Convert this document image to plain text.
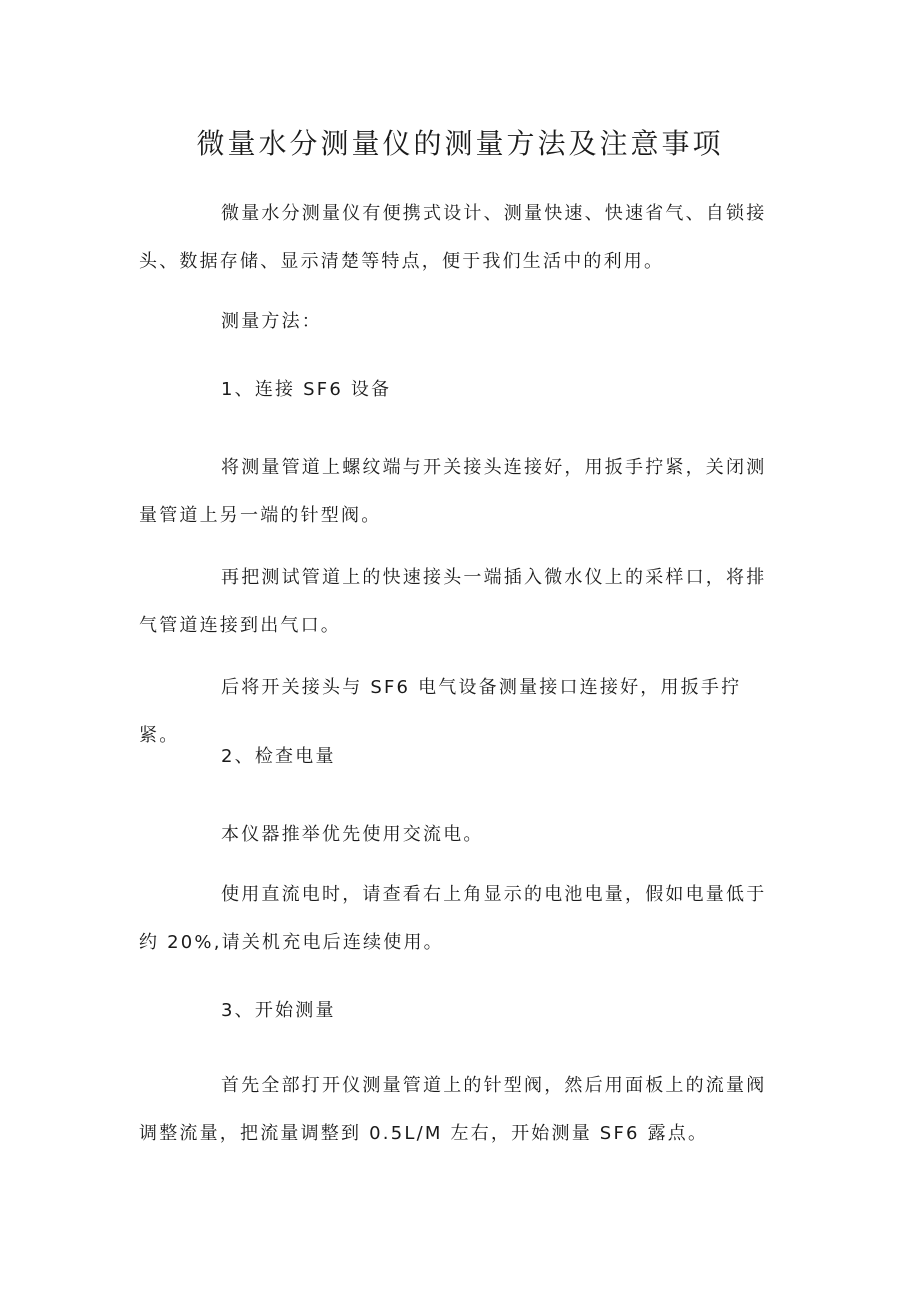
微量水分测量仪的测量方法及注意事项

微量水分测量仪有便携式设计、测量快速、快速省气、自锁接头、数据存储、显示清楚等特点，便于我们生活中的利用。

测量方法：

1、连接 SF6 设备

将测量管道上螺纹端与开关接头连接好，用扳手拧紧，关闭测量管道上另一端的针型阀。

再把测试管道上的快速接头一端插入微水仪上的采样口，将排气管道连接到出气口。

后将开关接头与 SF6 电气设备测量接口连接好，用扳手拧紧。

2、检查电量

本仪器推举优先使用交流电。

使用直流电时，请查看右上角显示的电池电量，假如电量低于约 20%,请关机充电后连续使用。

3、开始测量

首先全部打开仪测量管道上的针型阀，然后用面板上的流量阀调整流量，把流量调整到 0.5L/M 左右，开始测量 SF6 露点。
